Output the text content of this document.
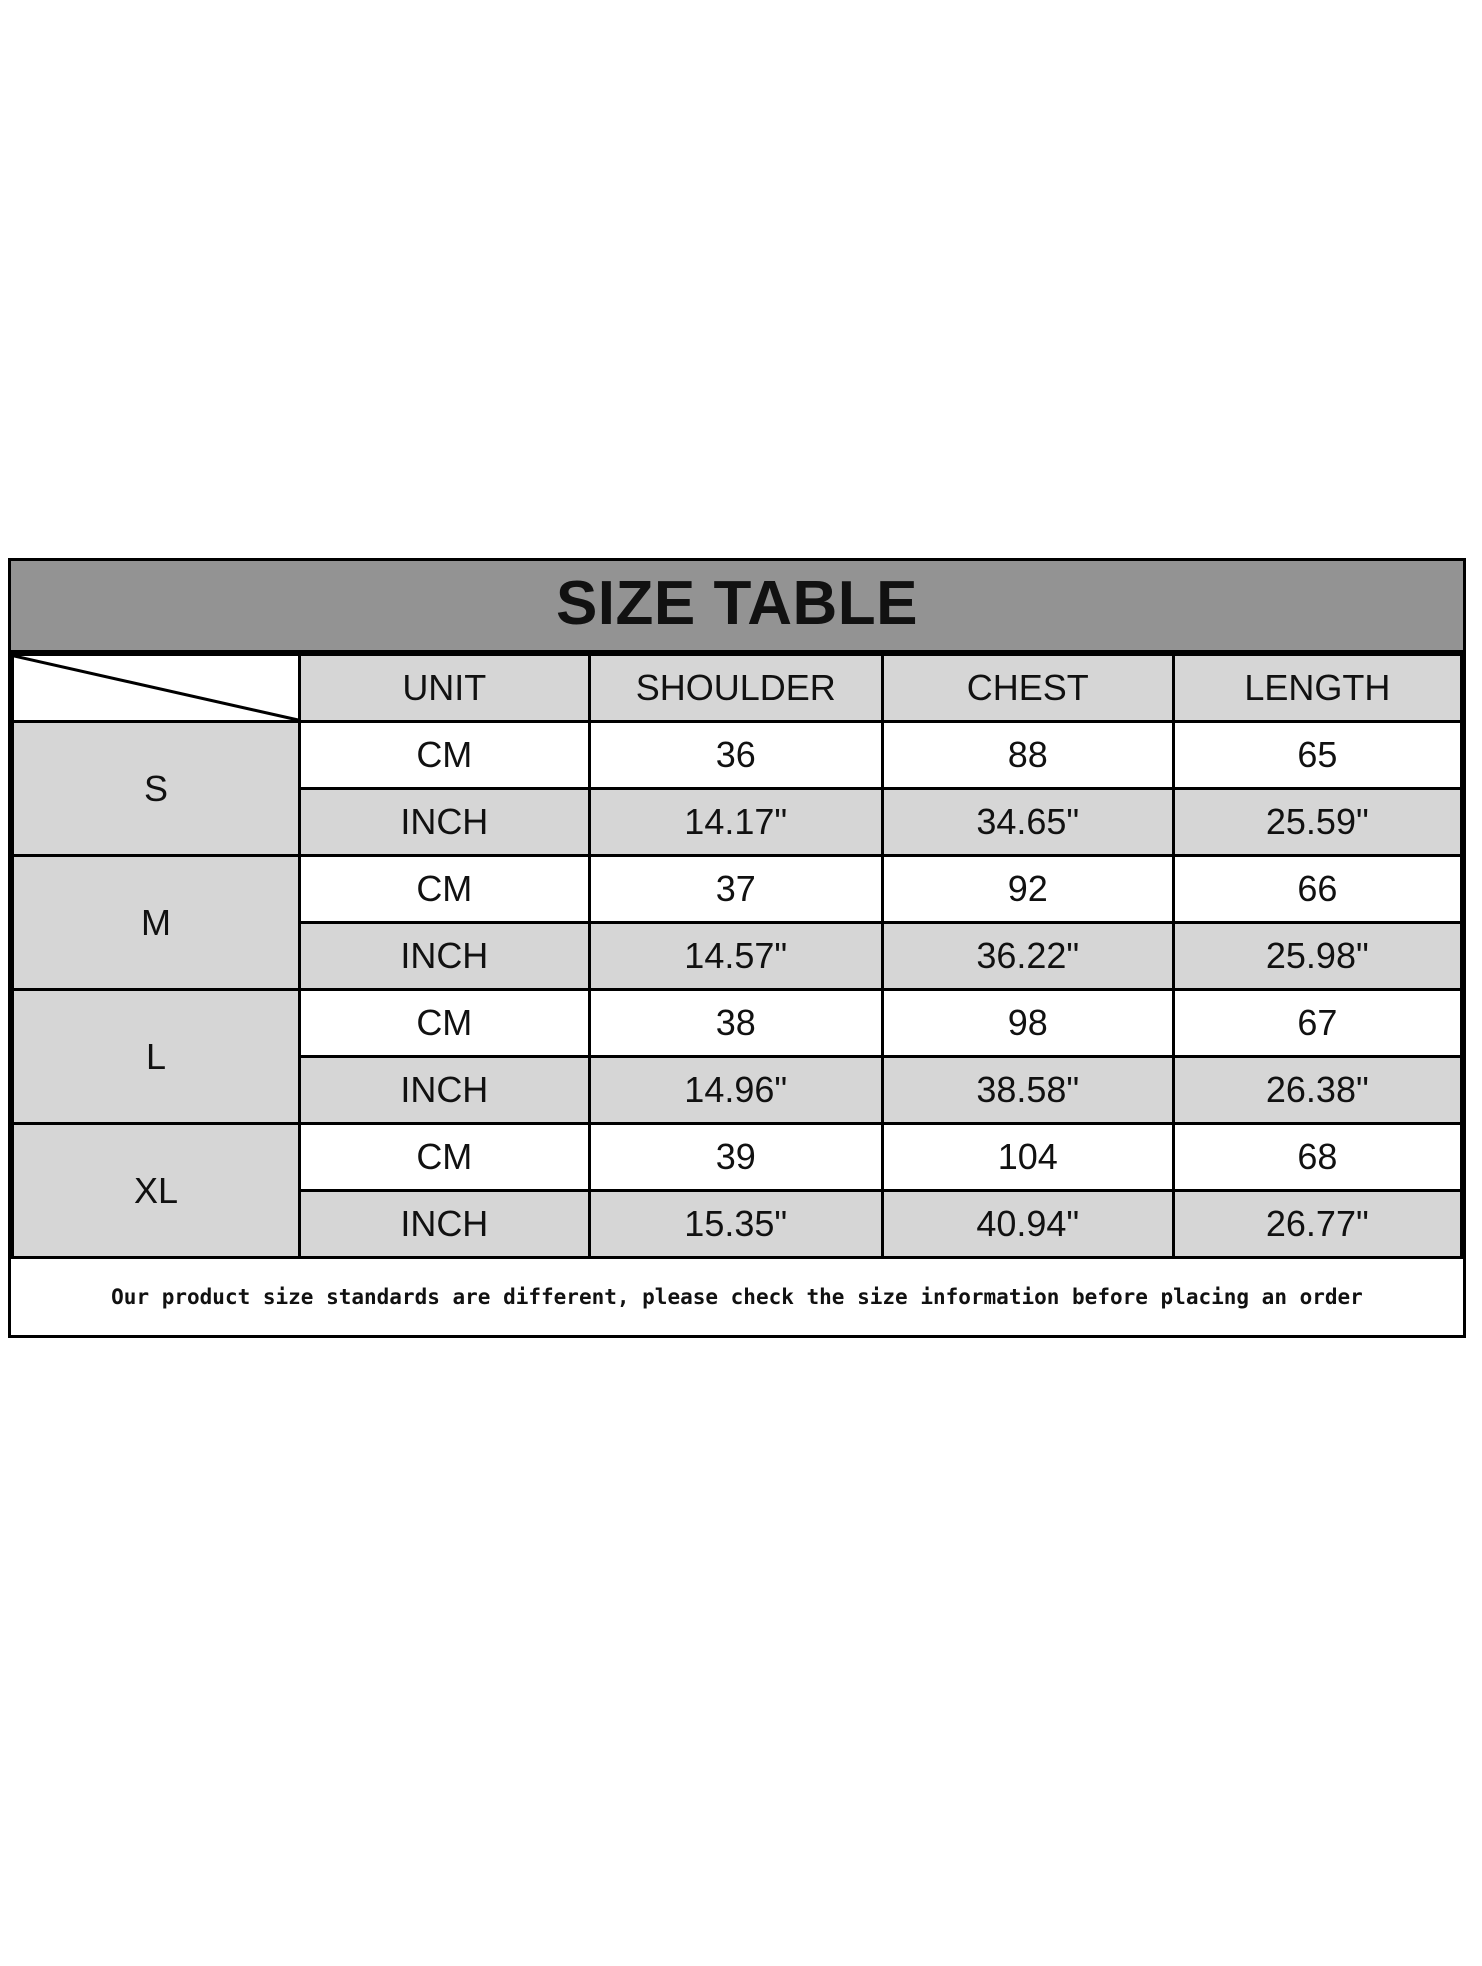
SIZE TABLE
	UNIT	SHOULDER	CHEST	LENGTH
S	CM	36	88	65
	INCH	14.17"	34.65"	25.59"
M	CM	37	92	66
	INCH	14.57"	36.22"	25.98"
L	CM	38	98	67
	INCH	14.96"	38.58"	26.38"
XL	CM	39	104	68
	INCH	15.35"	40.94"	26.77"
Our product size standards are different, please check the size information before placing an order
